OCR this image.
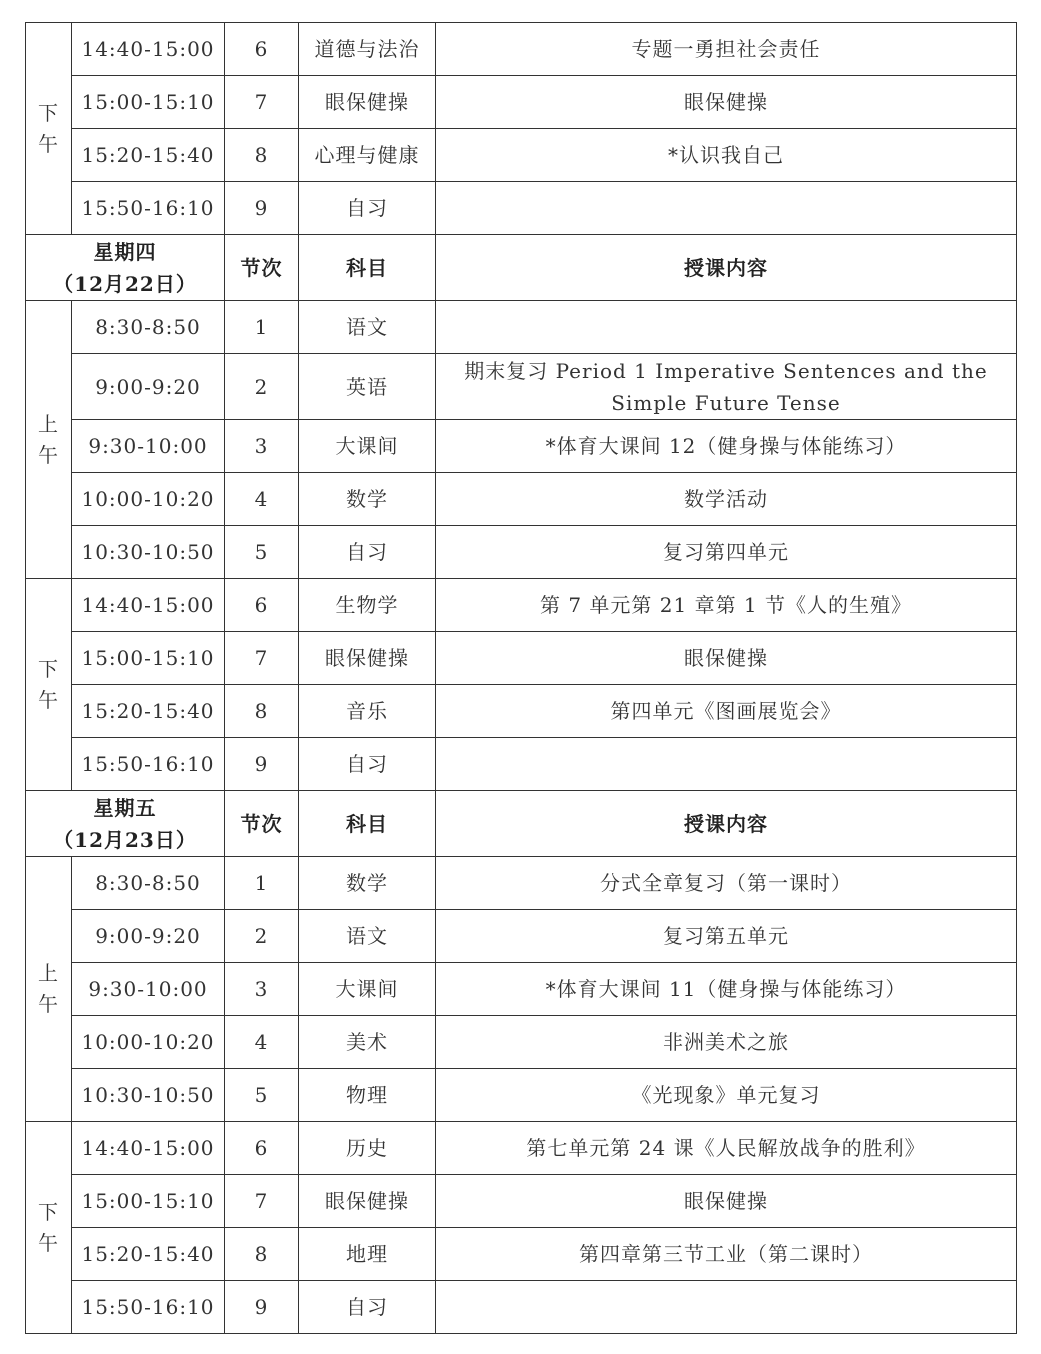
下午	14:40-15:00	6	道德与法治	专题一勇担社会责任
	15:00-15:10	7	眼保健操	眼保健操
	15:20-15:40	8	心理与健康	*认识我自己
	15:50-16:10	9	自习	

星期四
（12月22日）		节次	科目	授课内容
上午	8:30-8:50	1	语文	
	9:00-9:20	2	英语	期末复习 Period 1 Imperative Sentences and the Simple Future Tense
	9:30-10:00	3	大课间	*体育大课间 12（健身操与体能练习）
	10:00-10:20	4	数学	数学活动
	10:30-10:50	5	自习	复习第四单元
下午	14:40-15:00	6	生物学	第 7 单元第 21 章第 1 节《人的生殖》
	15:00-15:10	7	眼保健操	眼保健操
	15:20-15:40	8	音乐	第四单元《图画展览会》
	15:50-16:10	9	自习	

星期五
（12月23日）		节次	科目	授课内容
上午	8:30-8:50	1	数学	分式全章复习（第一课时）
	9:00-9:20	2	语文	复习第五单元
	9:30-10:00	3	大课间	*体育大课间 11（健身操与体能练习）
	10:00-10:20	4	美术	非洲美术之旅
	10:30-10:50	5	物理	《光现象》单元复习
下午	14:40-15:00	6	历史	第七单元第 24 课《人民解放战争的胜利》
	15:00-15:10	7	眼保健操	眼保健操
	15:20-15:40	8	地理	第四章第三节工业（第二课时）
	15:50-16:10	9	自习	
